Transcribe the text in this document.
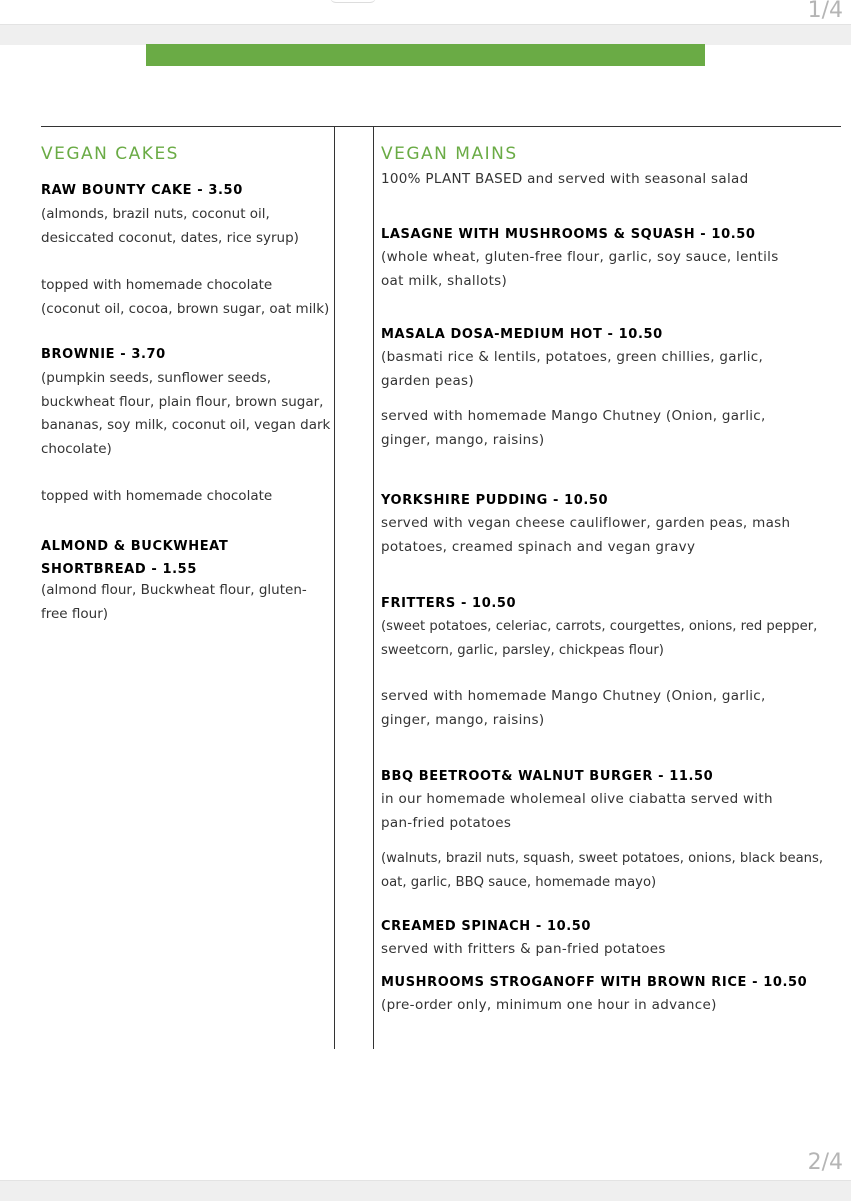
1/4
VEGAN CAKES
RAW BOUNTY CAKE - 3.50
(almonds, brazil nuts, coconut oil,
desiccated coconut, dates, rice syrup)
topped with homemade chocolate
(coconut oil, cocoa, brown sugar, oat milk)
BROWNIE - 3.70
(pumpkin seeds, sunflower seeds,
buckwheat flour, plain flour, brown sugar,
bananas, soy milk, coconut oil, vegan dark
chocolate)
topped with homemade chocolate
ALMOND & BUCKWHEAT
SHORTBREAD - 1.55
(almond flour, Buckwheat flour, gluten-
free flour)
VEGAN MAINS
100% PLANT BASED and served with seasonal salad
LASAGNE WITH MUSHROOMS & SQUASH - 10.50
(whole wheat, gluten-free flour, garlic, soy sauce, lentils
oat milk, shallots)
MASALA DOSA-MEDIUM HOT - 10.50
(basmati rice & lentils, potatoes, green chillies, garlic,
garden peas)
served with homemade Mango Chutney (Onion, garlic,
ginger, mango, raisins)
YORKSHIRE PUDDING - 10.50
served with vegan cheese cauliflower, garden peas, mash
potatoes, creamed spinach and vegan gravy
FRITTERS - 10.50
(sweet potatoes, celeriac, carrots, courgettes, onions, red pepper,
sweetcorn, garlic, parsley, chickpeas flour)
served with homemade Mango Chutney (Onion, garlic,
ginger, mango, raisins)
BBQ BEETROOT& WALNUT BURGER - 11.50
in our homemade wholemeal olive ciabatta served with
pan-fried potatoes
(walnuts, brazil nuts, squash, sweet potatoes, onions, black beans,
oat, garlic, BBQ sauce, homemade mayo)
CREAMED SPINACH - 10.50
served with fritters & pan-fried potatoes
MUSHROOMS STROGANOFF WITH BROWN RICE - 10.50
(pre-order only, minimum one hour in advance)
2/4
